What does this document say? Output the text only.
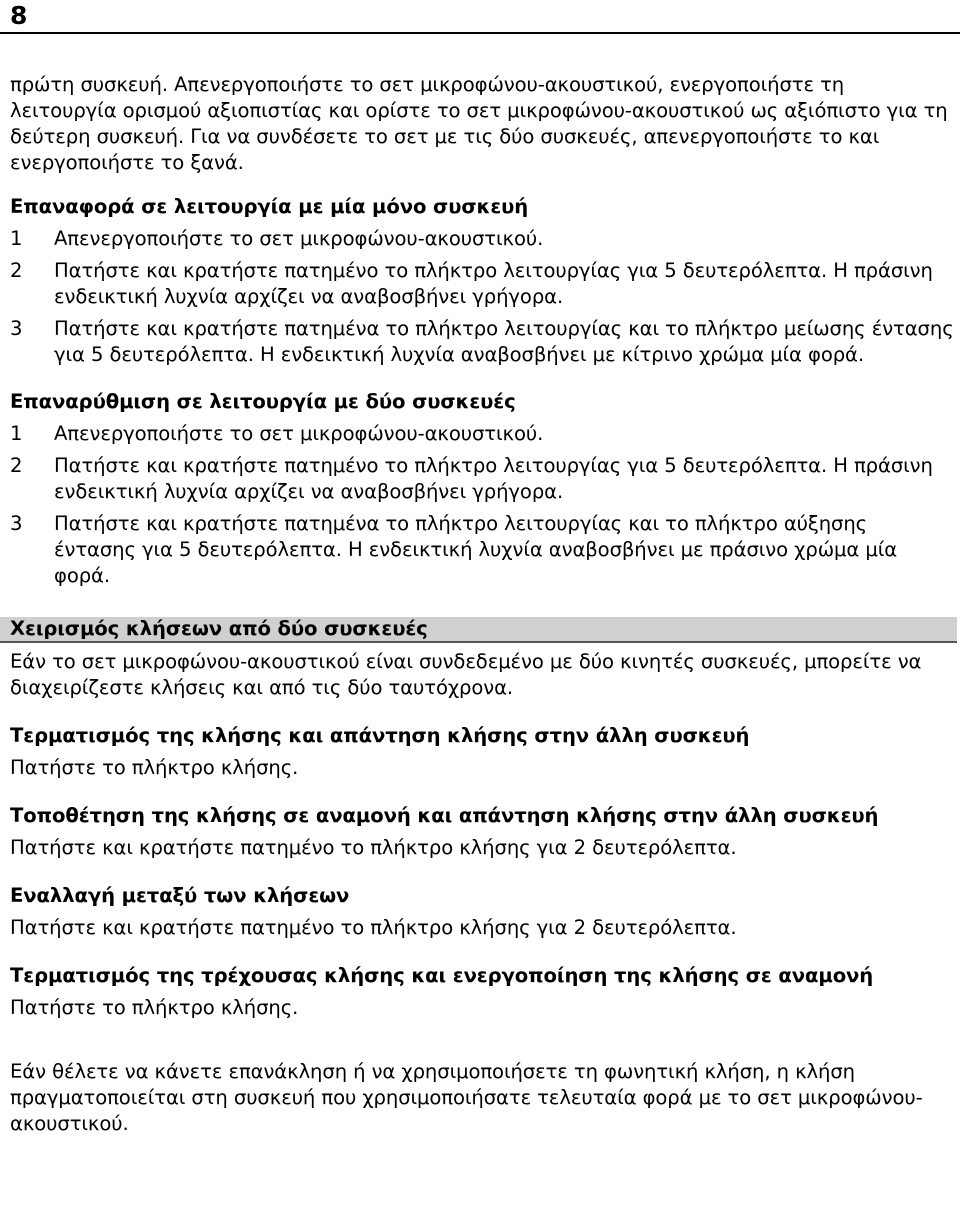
8

πρώτη συσκευή. Απενεργοποιήστε το σετ μικροφώνου-ακουστικού, ενεργοποιήστε τη λειτουργία ορισμού αξιοπιστίας και ορίστε το σετ μικροφώνου-ακουστικού ως αξιόπιστο για τη δεύτερη συσκευή. Για να συνδέσετε το σετ με τις δύο συσκευές, απενεργοποιήστε το και ενεργοποιήστε το ξανά.

Επαναφορά σε λειτουργία με μία μόνο συσκευή
1	Απενεργοποιήστε το σετ μικροφώνου-ακουστικού.
2	Πατήστε και κρατήστε πατημένο το πλήκτρο λειτουργίας για 5 δευτερόλεπτα. Η πράσινη ενδεικτική λυχνία αρχίζει να αναβοσβήνει γρήγορα.
3	Πατήστε και κρατήστε πατημένα το πλήκτρο λειτουργίας και το πλήκτρο μείωσης έντασης για 5 δευτερόλεπτα. Η ενδεικτική λυχνία αναβοσβήνει με κίτρινο χρώμα μία φορά.
Επαναρύθμιση σε λειτουργία με δύο συσκευές
1	Απενεργοποιήστε το σετ μικροφώνου-ακουστικού.
2	Πατήστε και κρατήστε πατημένο το πλήκτρο λειτουργίας για 5 δευτερόλεπτα. Η πράσινη ενδεικτική λυχνία αρχίζει να αναβοσβήνει γρήγορα.
3	Πατήστε και κρατήστε πατημένα το πλήκτρο λειτουργίας και το πλήκτρο αύξησης έντασης για 5 δευτερόλεπτα. Η ενδεικτική λυχνία αναβοσβήνει με πράσινο χρώμα μία φορά.
Χειρισμός κλήσεων από δύο συσκευές

Εάν το σετ μικροφώνου-ακουστικού είναι συνδεδεμένο με δύο κινητές συσκευές, μπορείτε να διαχειρίζεστε κλήσεις και από τις δύο ταυτόχρονα.

Τερματισμός της κλήσης και απάντηση κλήσης στην άλλη συσκευή

Πατήστε το πλήκτρο κλήσης.

Τοποθέτηση της κλήσης σε αναμονή και απάντηση κλήσης στην άλλη συσκευή

Πατήστε και κρατήστε πατημένο το πλήκτρο κλήσης για 2 δευτερόλεπτα.

Εναλλαγή μεταξύ των κλήσεων

Πατήστε και κρατήστε πατημένο το πλήκτρο κλήσης για 2 δευτερόλεπτα.

Τερματισμός της τρέχουσας κλήσης και ενεργοποίηση της κλήσης σε αναμονή

Πατήστε το πλήκτρο κλήσης.

Εάν θέλετε να κάνετε επανάκληση ή να χρησιμοποιήσετε τη φωνητική κλήση, η κλήση πραγματοποιείται στη συσκευή που χρησιμοποιήσατε τελευταία φορά με το σετ μικροφώνου-ακουστικού.
